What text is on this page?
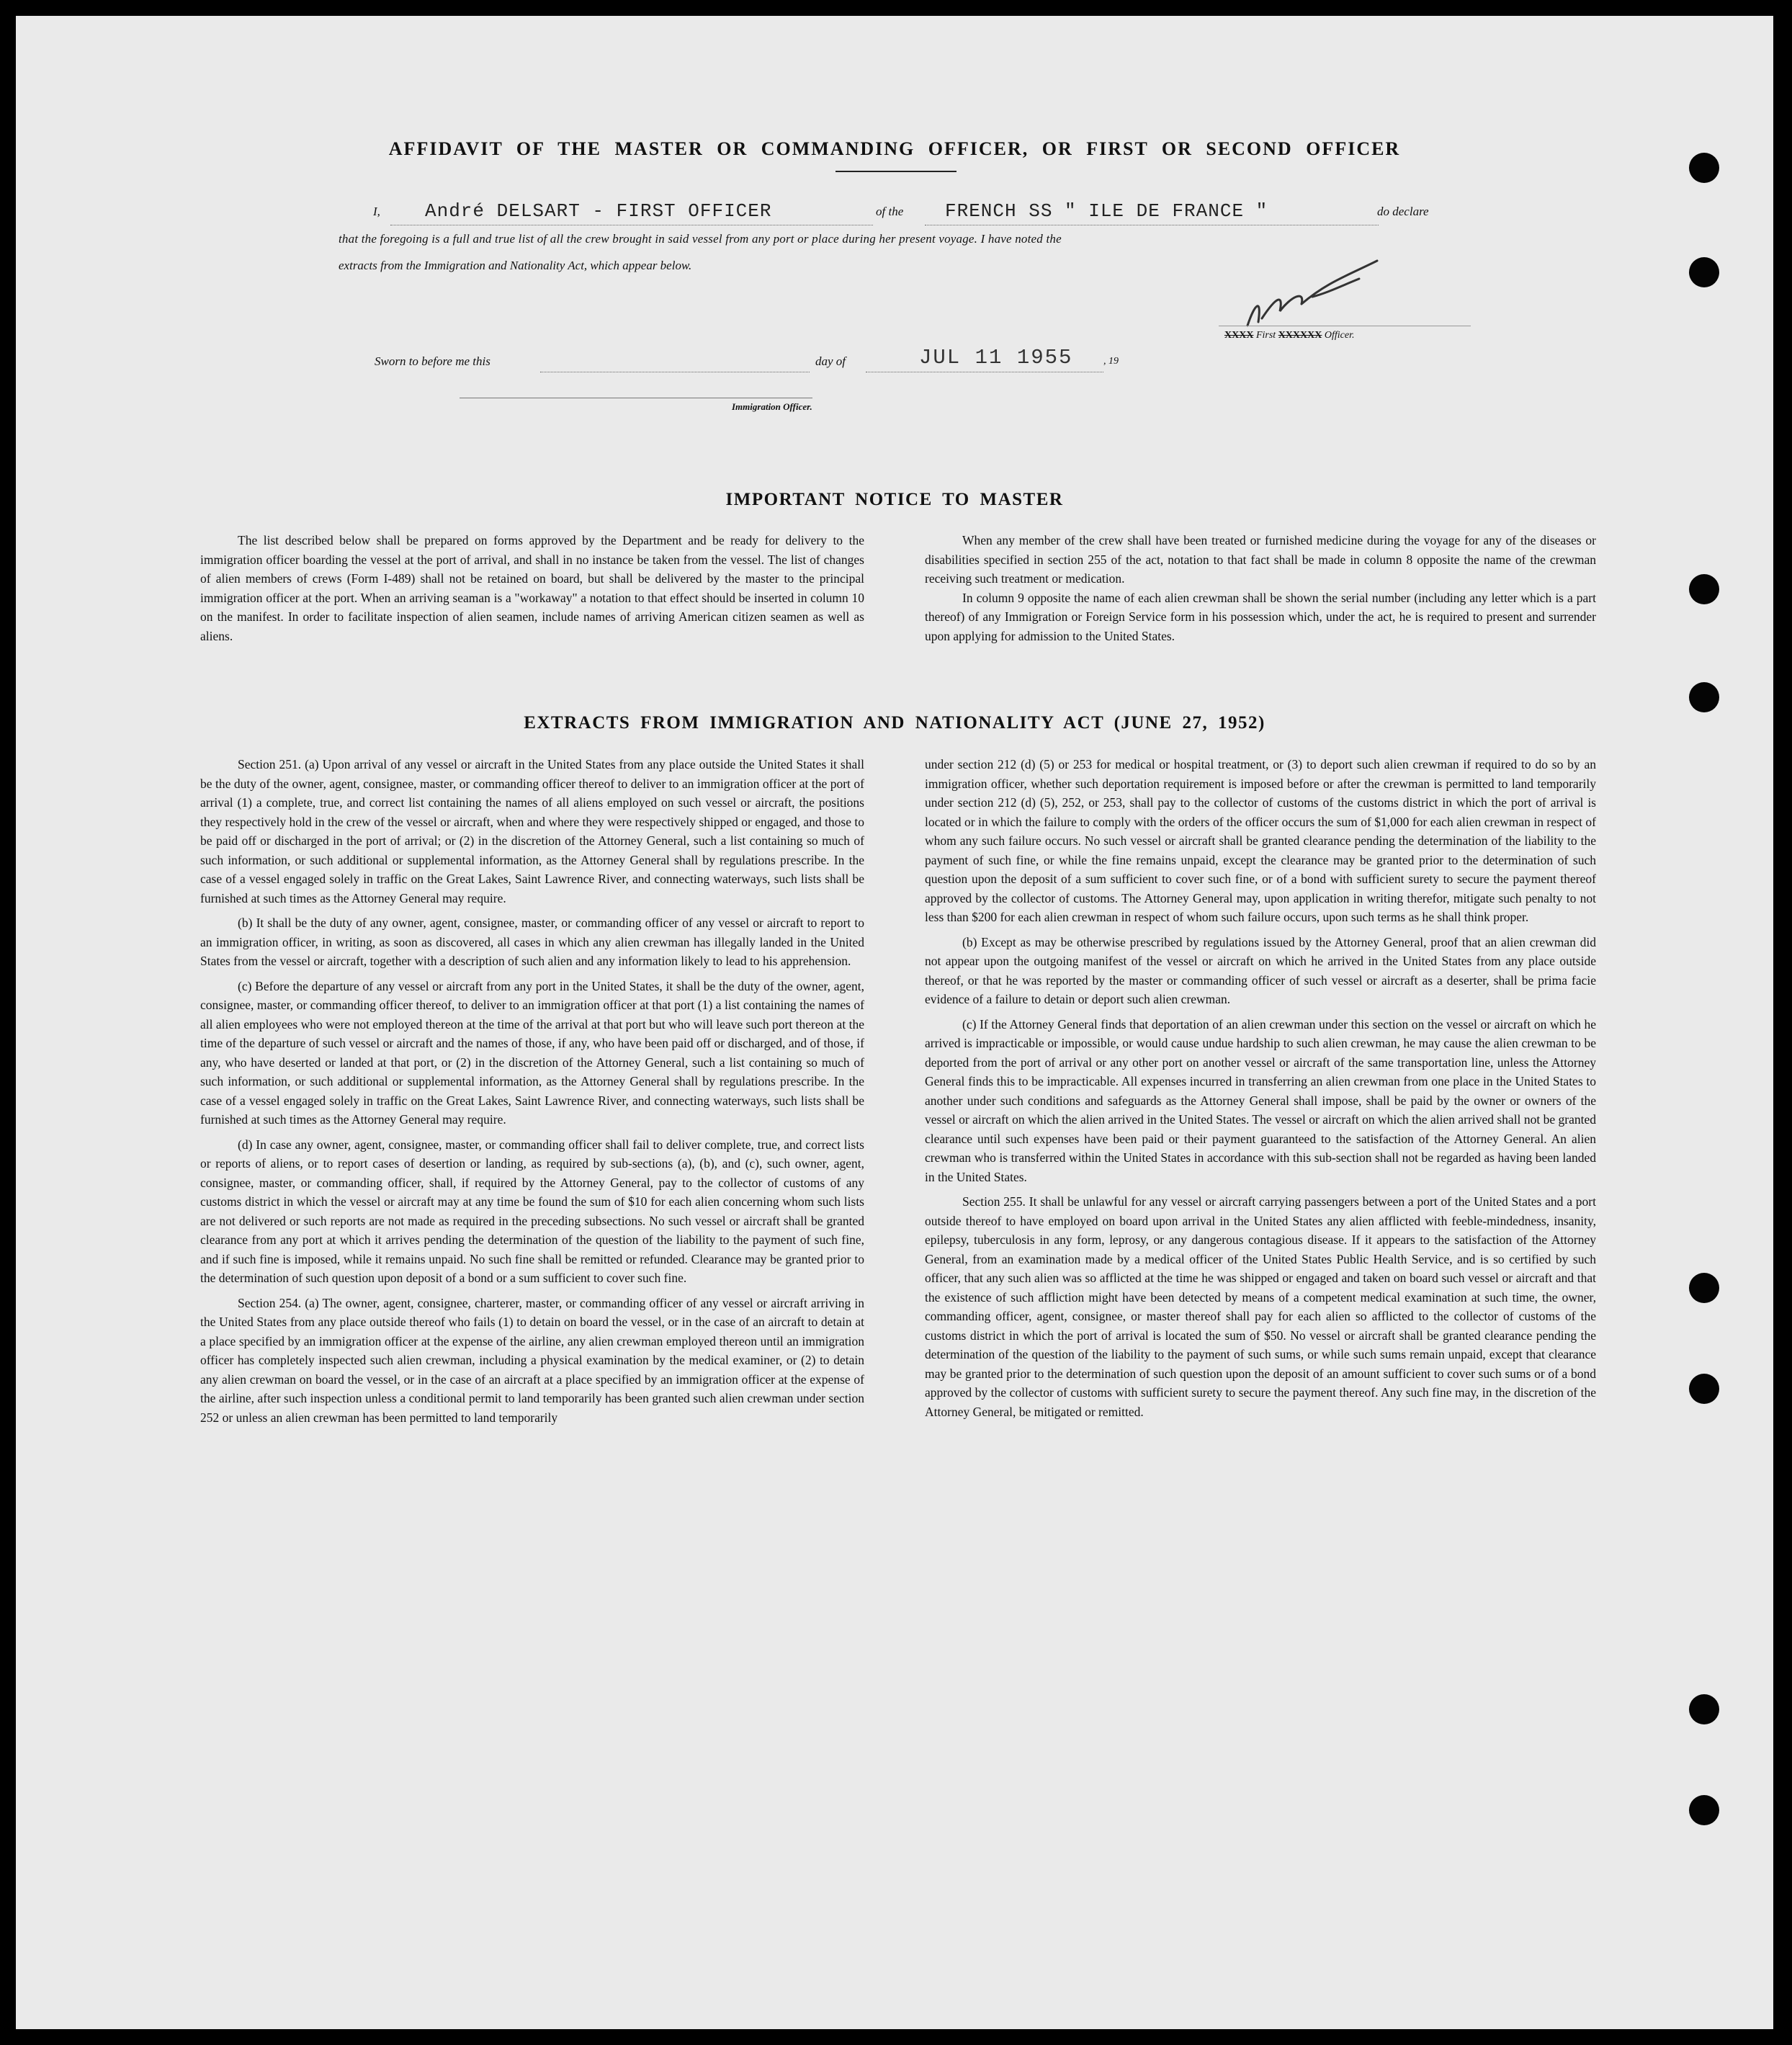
AFFIDAVIT OF THE MASTER OR COMMANDING OFFICER, OR FIRST OR SECOND OFFICER
I, André DELSART - FIRST OFFICER	of the FRENCH SS " ILE DE FRANCE "	do declare
that the foregoing is a full and true list of all the crew brought in said vessel from any port or place during her present voyage. I have noted the
extracts from the Immigration and Nationality Act, which appear below.
XXXX First XXXXXX Officer.
Sworn to before me this	day of	JUL 11 1955	, 19
Immigration Officer.
IMPORTANT NOTICE TO MASTER

The list described below shall be prepared on forms approved by the Department and be ready for delivery to the immigration officer boarding the vessel at the port of arrival, and shall in no instance be taken from the vessel. The list of changes of alien members of crews (Form I-489) shall not be retained on board, but shall be delivered by the master to the principal immigration officer at the port. When an arriving seaman is a "workaway" a notation to that effect should be inserted in column 10 on the manifest. In order to facilitate inspection of alien seamen, include names of arriving American citizen seamen as well as aliens.

When any member of the crew shall have been treated or furnished medicine during the voyage for any of the diseases or disabilities specified in section 255 of the act, notation to that fact shall be made in column 8 opposite the name of the crewman receiving such treatment or medication.

In column 9 opposite the name of each alien crewman shall be shown the serial number (including any letter which is a part thereof) of any Immigration or Foreign Service form in his possession which, under the act, he is required to present and surrender upon applying for admission to the United States.

EXTRACTS FROM IMMIGRATION AND NATIONALITY ACT (JUNE 27, 1952)

Section 251. (a) Upon arrival of any vessel or aircraft in the United States from any place outside the United States it shall be the duty of the owner, agent, consignee, master, or commanding officer thereof to deliver to an immigration officer at the port of arrival (1) a complete, true, and correct list containing the names of all aliens employed on such vessel or aircraft, the positions they respectively hold in the crew of the vessel or aircraft, when and where they were respectively shipped or engaged, and those to be paid off or discharged in the port of arrival; or (2) in the discretion of the Attorney General, such a list containing so much of such information, or such additional or supplemental information, as the Attorney General shall by regulations prescribe. In the case of a vessel engaged solely in traffic on the Great Lakes, Saint Lawrence River, and connecting waterways, such lists shall be furnished at such times as the Attorney General may require.

(b) It shall be the duty of any owner, agent, consignee, master, or commanding officer of any vessel or aircraft to report to an immigration officer, in writing, as soon as discovered, all cases in which any alien crewman has illegally landed in the United States from the vessel or aircraft, together with a description of such alien and any information likely to lead to his apprehension.

(c) Before the departure of any vessel or aircraft from any port in the United States, it shall be the duty of the owner, agent, consignee, master, or commanding officer thereof, to deliver to an immigration officer at that port (1) a list containing the names of all alien employees who were not employed thereon at the time of the arrival at that port but who will leave such port thereon at the time of the departure of such vessel or aircraft and the names of those, if any, who have been paid off or discharged, and of those, if any, who have deserted or landed at that port, or (2) in the discretion of the Attorney General, such a list containing so much of such information, or such additional or supplemental information, as the Attorney General shall by regulations prescribe. In the case of a vessel engaged solely in traffic on the Great Lakes, Saint Lawrence River, and connecting waterways, such lists shall be furnished at such times as the Attorney General may require.

(d) In case any owner, agent, consignee, master, or commanding officer shall fail to deliver complete, true, and correct lists or reports of aliens, or to report cases of desertion or landing, as required by sub-sections (a), (b), and (c), such owner, agent, consignee, master, or commanding officer, shall, if required by the Attorney General, pay to the collector of customs of any customs district in which the vessel or aircraft may at any time be found the sum of $10 for each alien concerning whom such lists are not delivered or such reports are not made as required in the preceding subsections. No such vessel or aircraft shall be granted clearance from any port at which it arrives pending the determination of the question of the liability to the payment of such fine, and if such fine is imposed, while it remains unpaid. No such fine shall be remitted or refunded. Clearance may be granted prior to the determination of such question upon deposit of a bond or a sum sufficient to cover such fine.

Section 254. (a) The owner, agent, consignee, charterer, master, or commanding officer of any vessel or aircraft arriving in the United States from any place outside thereof who fails (1) to detain on board the vessel, or in the case of an aircraft to detain at a place specified by an immigration officer at the expense of the airline, any alien crewman employed thereon until an immigration officer has completely inspected such alien crewman, including a physical examination by the medical examiner, or (2) to detain any alien crewman on board the vessel, or in the case of an aircraft at a place specified by an immigration officer at the expense of the airline, after such inspection unless a conditional permit to land temporarily has been granted such alien crewman under section 252 or unless an alien crewman has been permitted to land temporarily

under section 212 (d) (5) or 253 for medical or hospital treatment, or (3) to deport such alien crewman if required to do so by an immigration officer, whether such deportation requirement is imposed before or after the crewman is permitted to land temporarily under section 212 (d) (5), 252, or 253, shall pay to the collector of customs of the customs district in which the port of arrival is located or in which the failure to comply with the orders of the officer occurs the sum of $1,000 for each alien crewman in respect of whom any such failure occurs. No such vessel or aircraft shall be granted clearance pending the determination of the liability to the payment of such fine, or while the fine remains unpaid, except the clearance may be granted prior to the determination of such question upon the deposit of a sum sufficient to cover such fine, or of a bond with sufficient surety to secure the payment thereof approved by the collector of customs. The Attorney General may, upon application in writing therefor, mitigate such penalty to not less than $200 for each alien crewman in respect of whom such failure occurs, upon such terms as he shall think proper.

(b) Except as may be otherwise prescribed by regulations issued by the Attorney General, proof that an alien crewman did not appear upon the outgoing manifest of the vessel or aircraft on which he arrived in the United States from any place outside thereof, or that he was reported by the master or commanding officer of such vessel or aircraft as a deserter, shall be prima facie evidence of a failure to detain or deport such alien crewman.

(c) If the Attorney General finds that deportation of an alien crewman under this section on the vessel or aircraft on which he arrived is impracticable or impossible, or would cause undue hardship to such alien crewman, he may cause the alien crewman to be deported from the port of arrival or any other port on another vessel or aircraft of the same transportation line, unless the Attorney General finds this to be impracticable. All expenses incurred in transferring an alien crewman from one place in the United States to another under such conditions and safeguards as the Attorney General shall impose, shall be paid by the owner or owners of the vessel or aircraft on which the alien arrived in the United States. The vessel or aircraft on which the alien arrived shall not be granted clearance until such expenses have been paid or their payment guaranteed to the satisfaction of the Attorney General. An alien crewman who is transferred within the United States in accordance with this sub-section shall not be regarded as having been landed in the United States.

Section 255. It shall be unlawful for any vessel or aircraft carrying passengers between a port of the United States and a port outside thereof to have employed on board upon arrival in the United States any alien afflicted with feeble-mindedness, insanity, epilepsy, tuberculosis in any form, leprosy, or any dangerous contagious disease. If it appears to the satisfaction of the Attorney General, from an examination made by a medical officer of the United States Public Health Service, and is so certified by such officer, that any such alien was so afflicted at the time he was shipped or engaged and taken on board such vessel or aircraft and that the existence of such affliction might have been detected by means of a competent medical examination at such time, the owner, commanding officer, agent, consignee, or master thereof shall pay for each alien so afflicted to the collector of customs of the customs district in which the port of arrival is located the sum of $50. No vessel or aircraft shall be granted clearance pending the determination of the question of the liability to the payment of such sums, or while such sums remain unpaid, except that clearance may be granted prior to the determination of such question upon the deposit of an amount sufficient to cover such sums or of a bond approved by the collector of customs with sufficient surety to secure the payment thereof. Any such fine may, in the discretion of the Attorney General, be mitigated or remitted.
